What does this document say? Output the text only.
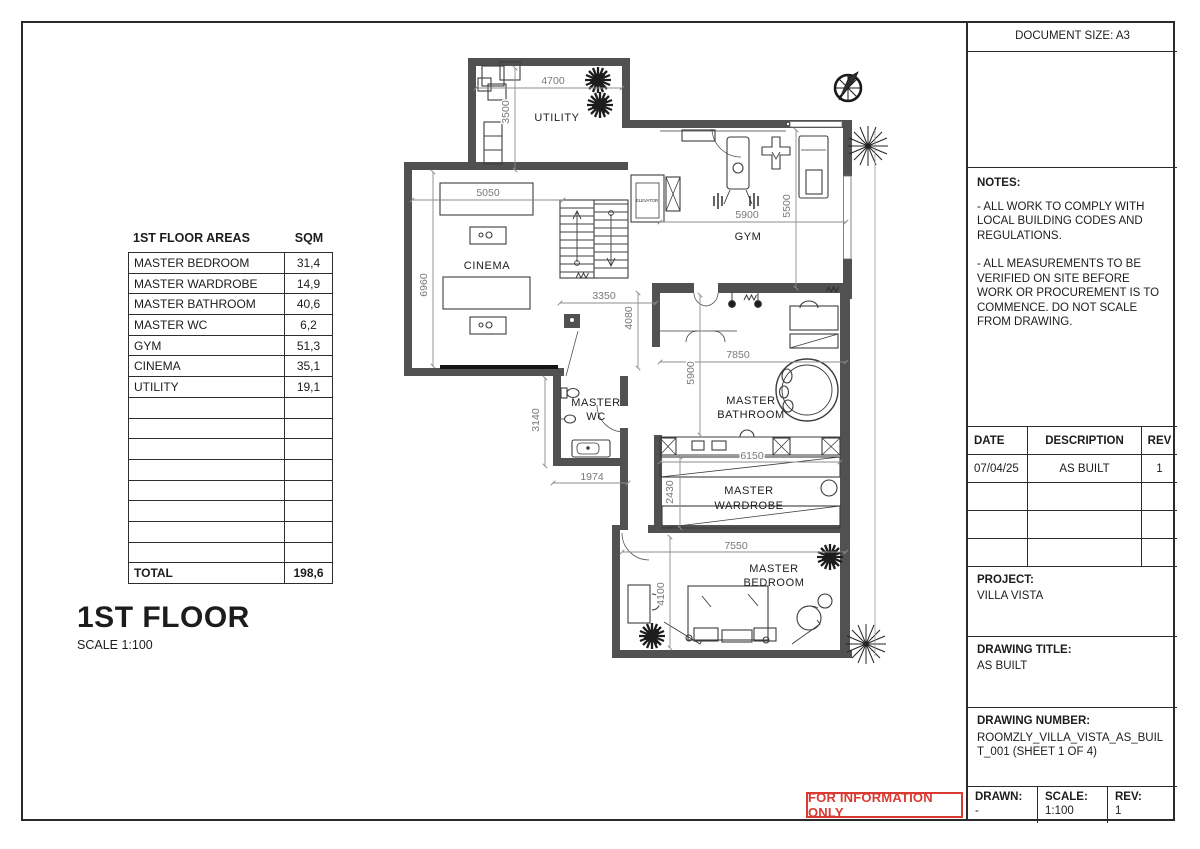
ELEVATOR
4700
3500
5050
6960	3350
4080
5900 5500
5900
7850
3140
1974
6150
2430
7550
4100
UTILITY
CINEMA
GYM
MASTER
WC
MASTER
BATHROOM
MASTER
WARDROBE
MASTER
BEDROOM
1ST FLOOR AREAS	SQM
MASTER BEDROOM	31,4
MASTER WARDROBE	14,9
MASTER BATHROOM	40,6
MASTER WC	6,2
GYM	51,3
CINEMA	35,1
UTILITY	19,1
TOTAL	198,6
1ST FLOOR
SCALE 1:100
FOR INFORMATION ONLY
DOCUMENT SIZE: A3
NOTES:

- ALL WORK TO COMPLY WITH LOCAL BUILDING CODES AND REGULATIONS.

- ALL MEASUREMENTS TO BE VERIFIED ON SITE BEFORE WORK OR PROCUREMENT IS TO COMMENCE. DO NOT SCALE FROM DRAWING.

DATE	DESCRIPTION	REV
07/04/25	AS BUILT	1
PROJECT:
VILLA VISTA
DRAWING TITLE:
AS BUILT
DRAWING NUMBER:
ROOMZLY_VILLA_VISTA_AS_BUILT_001 (SHEET 1 OF 4)
DRAWN:
-
SCALE:
1:100
REV:
1
